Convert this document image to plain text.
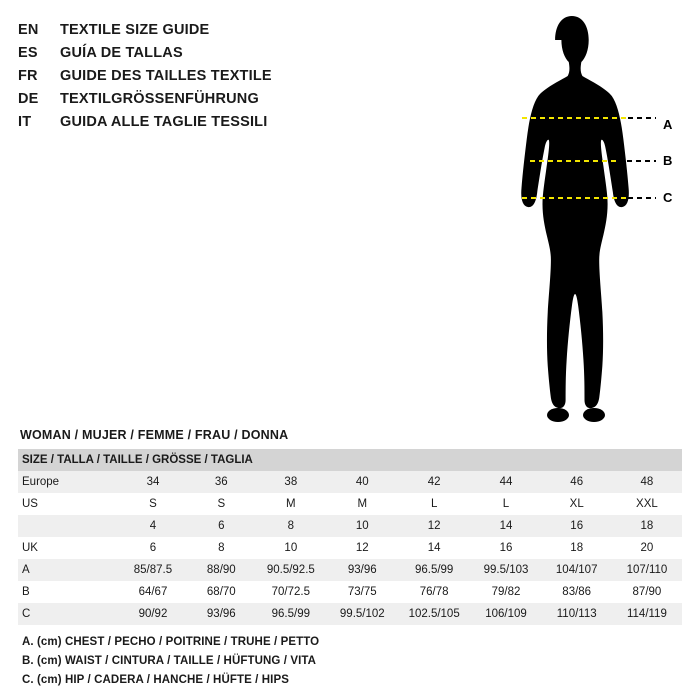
EN	TEXTILE SIZE GUIDE
ES	GUÍA DE TALLAS
FR	GUIDE DES TAILLES TEXTILE
DE	TEXTILGRÖSSENFÜHRUNG
IT	GUIDA ALLE TAGLIE TESSILI	A
B
C
WOMAN / MUJER / FEMME / FRAU / DONNA
SIZE / TALLA / TAILLE / GRÖSSE / TAGLIA								
Europe	34	36	38	40	42	44	46	48
US	S	S	M	M	L	L	XL	XXL
	4	6	8	10	12	14	16	18
UK	6	8	10	12	14	16	18	20
A	85/87.5	88/90	90.5/92.5	93/96	96.5/99	99.5/103	104/107	107/110
B	64/67	68/70	70/72.5	73/75	76/78	79/82	83/86	87/90
C	90/92	93/96	96.5/99	99.5/102	102.5/105	106/109	110/113	114/119
A. (cm) CHEST / PECHO / POITRINE / TRUHE / PETTO
B. (cm) WAIST / CINTURA / TAILLE / HÜFTUNG / VITA
C. (cm) HIP / CADERA / HANCHE / HÜFTE / HIPS
